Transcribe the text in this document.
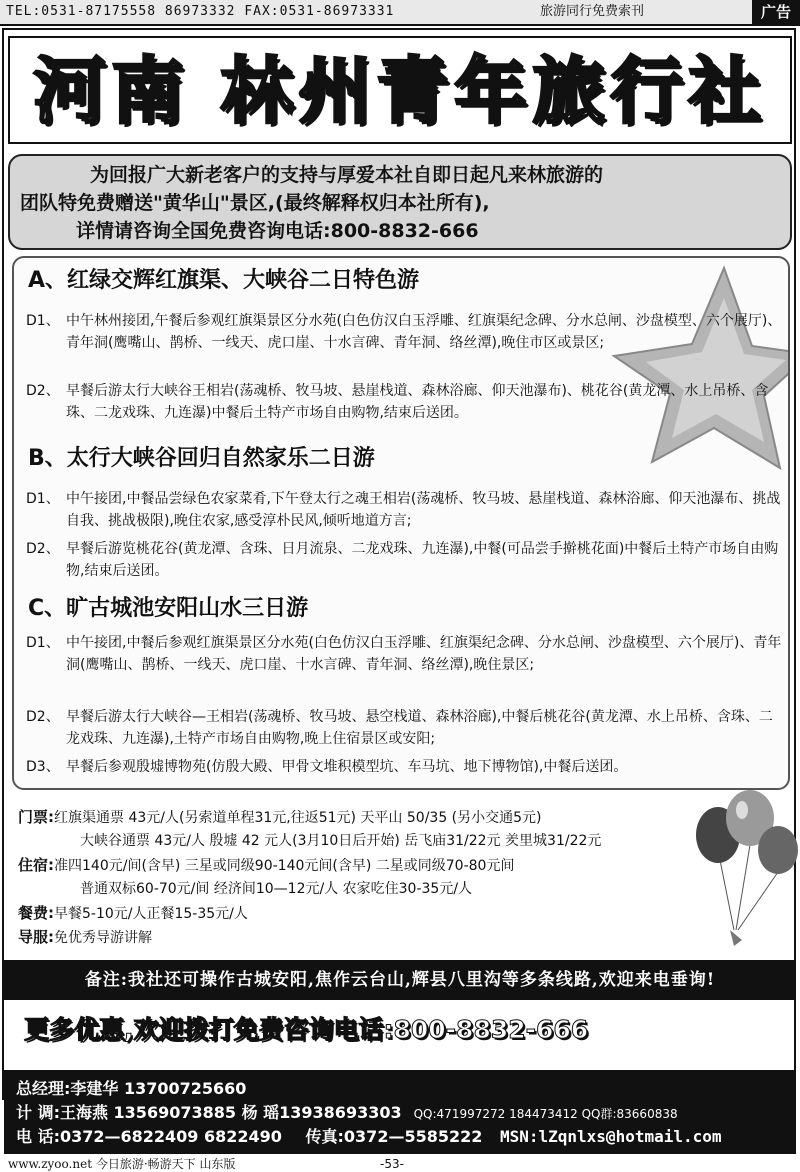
TEL:0531-87175558 86973332 FAX:0531-86973331	旅游同行免费索刊	广告
河南 林州青年旅行社

为回报广大新老客户的支持与厚爱本社自即日起凡来林旅游的

团队特免费赠送"黄华山"景区,(最终解释权归本社所有),

详情请咨询全国免费咨询电话:800-8832-666

A、红绿交辉红旗渠、大峡谷二日特色游

D1、 中午林州接团,午餐后参观红旗渠景区分水苑(白色仿汉白玉浮雕、红旗渠纪念碑、分水总闸、沙盘模型、六个展厅)、青年洞(鹰嘴山、鹊桥、一线天、虎口崖、十水言碑、青年洞、络丝潭),晚住市区或景区;
D2、 早餐后游太行大峡谷王相岩(荡魂桥、牧马坡、悬崖栈道、森林浴廊、仰天池瀑布)、桃花谷(黄龙潭、水上吊桥、含珠、二龙戏珠、九连瀑)中餐后土特产市场自由购物,结束后送团。

B、太行大峡谷回归自然家乐二日游

D1、 中午接团,中餐品尝绿色农家菜肴,下午登太行之魂王相岩(荡魂桥、牧马坡、悬崖栈道、森林浴廊、仰天池瀑布、挑战自我、挑战极限),晚住农家,感受淳朴民风,倾听地道方言;
D2、 早餐后游览桃花谷(黄龙潭、含珠、日月流泉、二龙戏珠、九连瀑),中餐(可品尝手擀桃花面)中餐后土特产市场自由购物,结束后送团。

C、旷古城池安阳山水三日游

D1、 中午接团,中餐后参观红旗渠景区分水苑(白色仿汉白玉浮雕、红旗渠纪念碑、分水总闸、沙盘模型、六个展厅)、青年洞(鹰嘴山、鹊桥、一线天、虎口崖、十水言碑、青年洞、络丝潭),晚住景区;
D2、 早餐后游太行大峡谷—王相岩(荡魂桥、牧马坡、悬空栈道、森林浴廊),中餐后桃花谷(黄龙潭、水上吊桥、含珠、二龙戏珠、九连瀑),土特产市场自由购物,晚上住宿景区或安阳;
D3、 早餐后参观殷墟博物苑(仿殷大殿、甲骨文堆积模型坑、车马坑、地下博物馆),中餐后送团。
门票:红旗渠通票 43元/人(另索道单程31元,往返51元) 天平山 50/35 (另小交通5元)
大峡谷通票 43元/人 殷墟 42 元人(3月10日后开始) 岳飞庙31/22元 羑里城31/22元
住宿:准四140元/间(含早) 三星或同级90-140元间(含早) 二星或同级70-80元间
普通双标60-70元/间 经济间10—12元/人 农家吃住30-35元/人
餐费:早餐5-10元/人正餐15-35元/人
导服:免优秀导游讲解
备注:我社还可操作古城安阳,焦作云台山,辉县八里沟等多条线路,欢迎来电垂询!
更多优惠,欢迎拨打免费咨询电话:800-8832-666
总经理:李建华 13700725660
计 调:王海燕 13569073885 杨 瑶13938693303 QQ:471997272 184473412 QQ群:83660838
电 话:0372—6822409 6822490 传真:0372—5585222 MSN:lZqnlxs@hotmail.com
www.zyoo.net 今日旅游·畅游天下 山东版	-53-
